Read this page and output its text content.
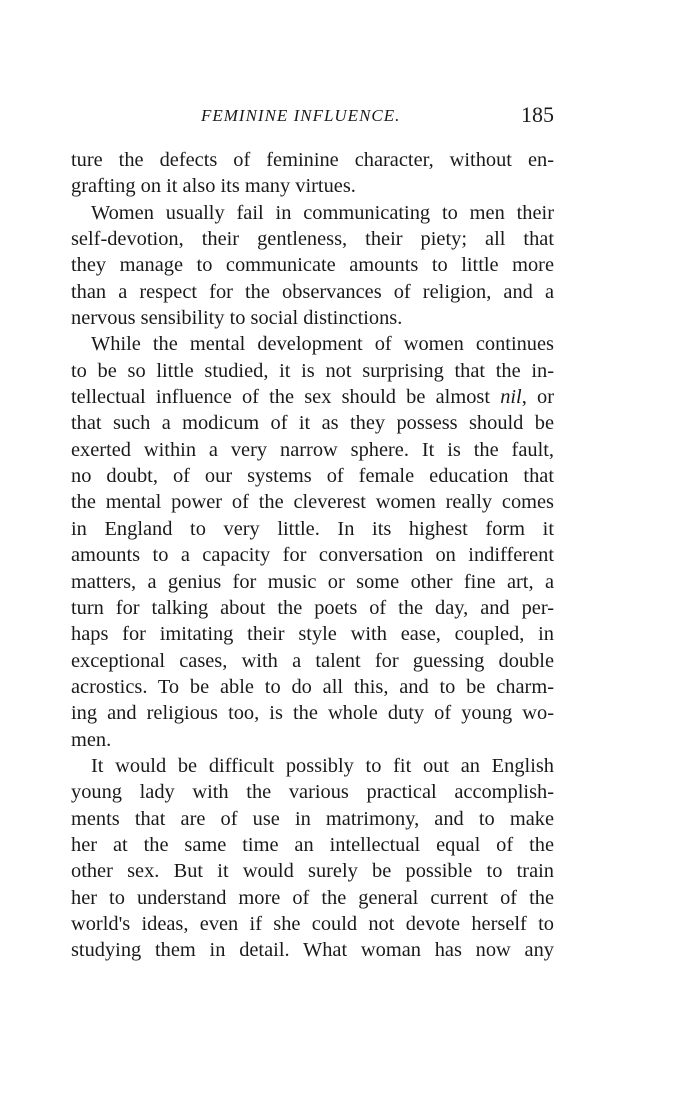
FEMININE INFLUENCE.	185
ture the defects of feminine character, without en-
grafting on it also its many virtues.
Women usually fail in communicating to men their
self-devotion, their gentleness, their piety; all that
they manage to communicate amounts to little more
than a respect for the observances of religion, and a
nervous sensibility to social distinctions.
While the mental development of women continues
to be so little studied, it is not surprising that the in-
tellectual influence of the sex should be almost nil, or
that such a modicum of it as they possess should be
exerted within a very narrow sphere. It is the fault,
no doubt, of our systems of female education that
the mental power of the cleverest women really comes
in England to very little. In its highest form it
amounts to a capacity for conversation on indifferent
matters, a genius for music or some other fine art, a
turn for talking about the poets of the day, and per-
haps for imitating their style with ease, coupled, in
exceptional cases, with a talent for guessing double
acrostics. To be able to do all this, and to be charm-
ing and religious too, is the whole duty of young wo-
men.
It would be difficult possibly to fit out an English
young lady with the various practical accomplish-
ments that are of use in matrimony, and to make
her at the same time an intellectual equal of the
other sex. But it would surely be possible to train
her to understand more of the general current of the
world's ideas, even if she could not devote herself to
studying them in detail. What woman has now any
